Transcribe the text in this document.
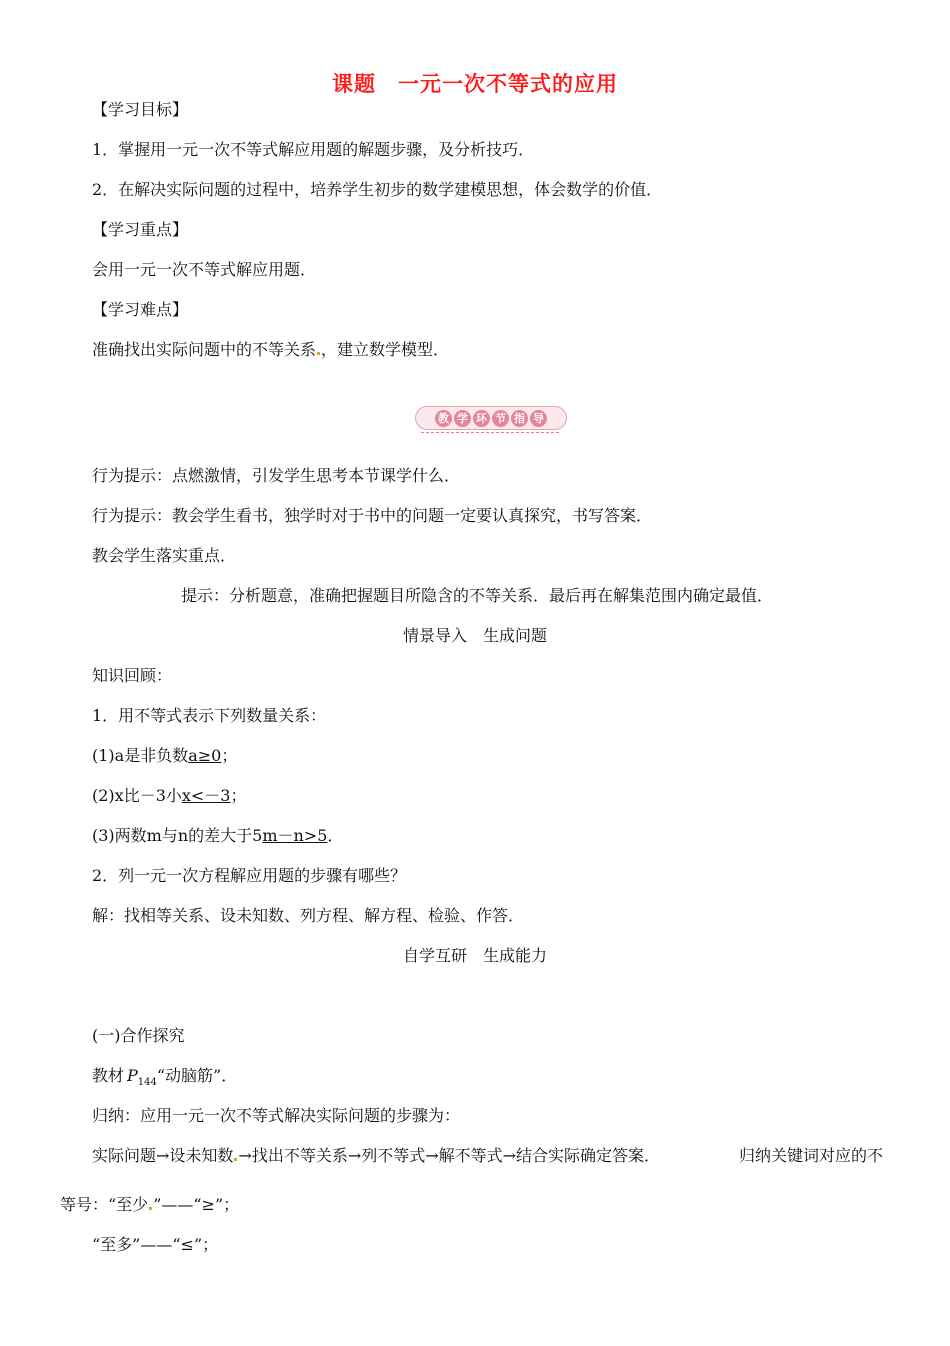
课题　一元一次不等式的应用
【学习目标】
1．掌握用一元一次不等式解应用题的解题步骤，及分析技巧．
2．在解决实际问题的过程中，培养学生初步的数学建模思想，体会数学的价值．
【学习重点】
会用一元一次不等式解应用题．
【学习难点】
准确找出实际问题中的不等关系 ，建立数学模型．
教 学 环 节 指 导
行为提示：点燃激情，引发学生思考本节课学什么．
行为提示：教会学生看书，独学时对于书中的问题一定要认真探究，书写答案．
教会学生落实重点．
提示：分析题意，准确把握题目所隐含的不等关系．最后再在解集范围内确定最值．
情景导入　生成问题
知识回顾：
1．用不等式表示下列数量关系：
(1)a是非负数a≥0；
(2)x比－3小x<－3；
(3)两数m与n的差大于5m－n>5．
2．列一元一次方程解应用题的步骤有哪些？
解：找相等关系、设未知数、列方程、解方程、检验、作答．
自学互研　生成能力
(一)合作探究
教材 $P_{144}“$动脑筋”．
归纳：应用一元一次不等式解决实际问题的步骤为：
实际问题→设未知数 →找出不等关系→列不等式→解不等式→结合实际确定答案．	归纳关键词对应的不
等号：“至少 ”——“≥”；
“至多”——“≤”；
